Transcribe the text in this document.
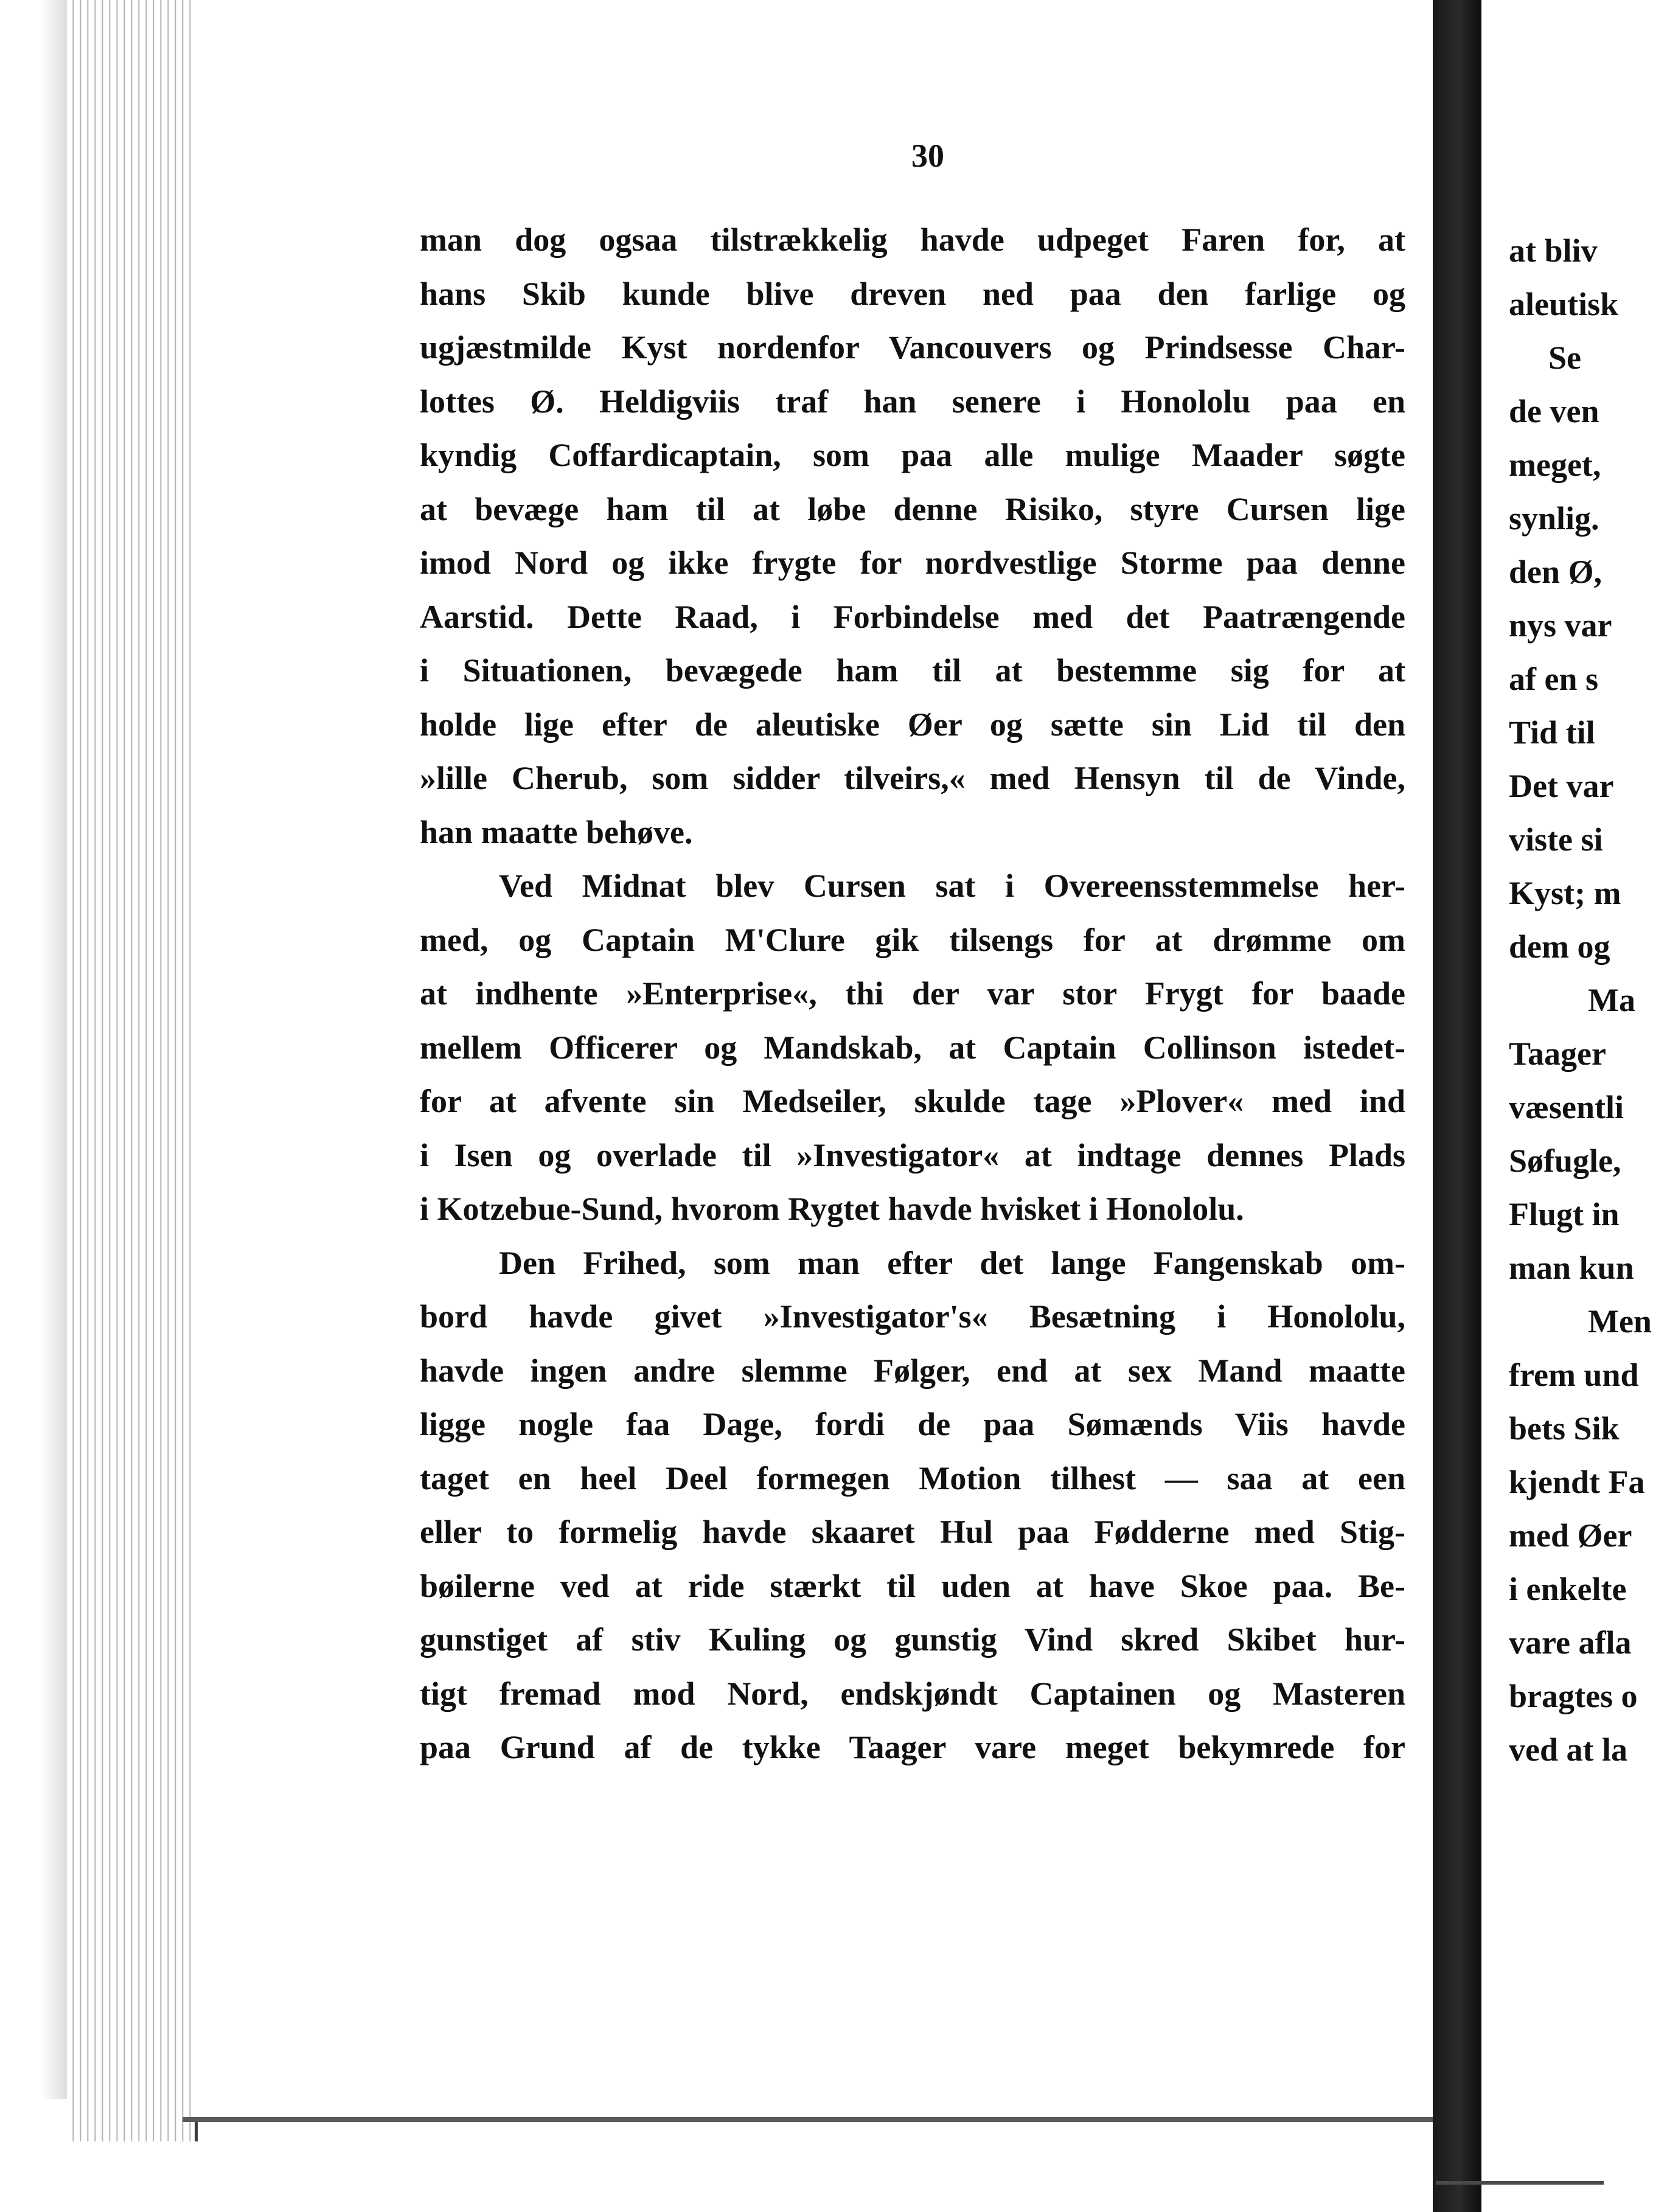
30
man dog ogsaa tilstrækkelig havde udpeget Faren for, at
hans Skib kunde blive dreven ned paa den farlige og
ugjæstmilde Kyst nordenfor Vancouvers og Prindsesse Char-
lottes Ø. Heldigviis traf han senere i Honololu paa en
kyndig Coffardicaptain, som paa alle mulige Maader søgte
at bevæge ham til at løbe denne Risiko, styre Cursen lige
imod Nord og ikke frygte for nordvestlige Storme paa denne
Aarstid. Dette Raad, i Forbindelse med det Paatrængende
i Situationen, bevægede ham til at bestemme sig for at
holde lige efter de aleutiske Øer og sætte sin Lid til den
»lille Cherub, som sidder tilveirs,« med Hensyn til de Vinde,
han maatte behøve.
Ved Midnat blev Cursen sat i Overeensstemmelse her-
med, og Captain M'Clure gik tilsengs for at drømme om
at indhente »Enterprise«, thi der var stor Frygt for baade
mellem Officerer og Mandskab, at Captain Collinson istedet-
for at afvente sin Medseiler, skulde tage »Plover« med ind
i Isen og overlade til »Investigator« at indtage dennes Plads
i Kotzebue-Sund, hvorom Rygtet havde hvisket i Honololu.
Den Frihed, som man efter det lange Fangenskab om-
bord havde givet »Investigator's« Besætning i Honololu,
havde ingen andre slemme Følger, end at sex Mand maatte
ligge nogle faa Dage, fordi de paa Sømænds Viis havde
taget en heel Deel formegen Motion tilhest — saa at een
eller to formelig havde skaaret Hul paa Fødderne med Stig-
bøilerne ved at ride stærkt til uden at have Skoe paa. Be-
gunstiget af stiv Kuling og gunstig Vind skred Skibet hur-
tigt fremad mod Nord, endskjøndt Captainen og Masteren
paa Grund af de tykke Taager vare meget bekymrede for
at bliv
aleutisk
Se
de ven
meget,
synlig.
den Ø,
nys var
af en s
Tid til
Det var
viste si
Kyst; m
dem og
Ma
Taager
væsentli
Søfugle,
Flugt in
man kun
Men
frem und
bets Sik
kjendt Fa
med Øer
i enkelte
vare afla
bragtes o
ved at la
